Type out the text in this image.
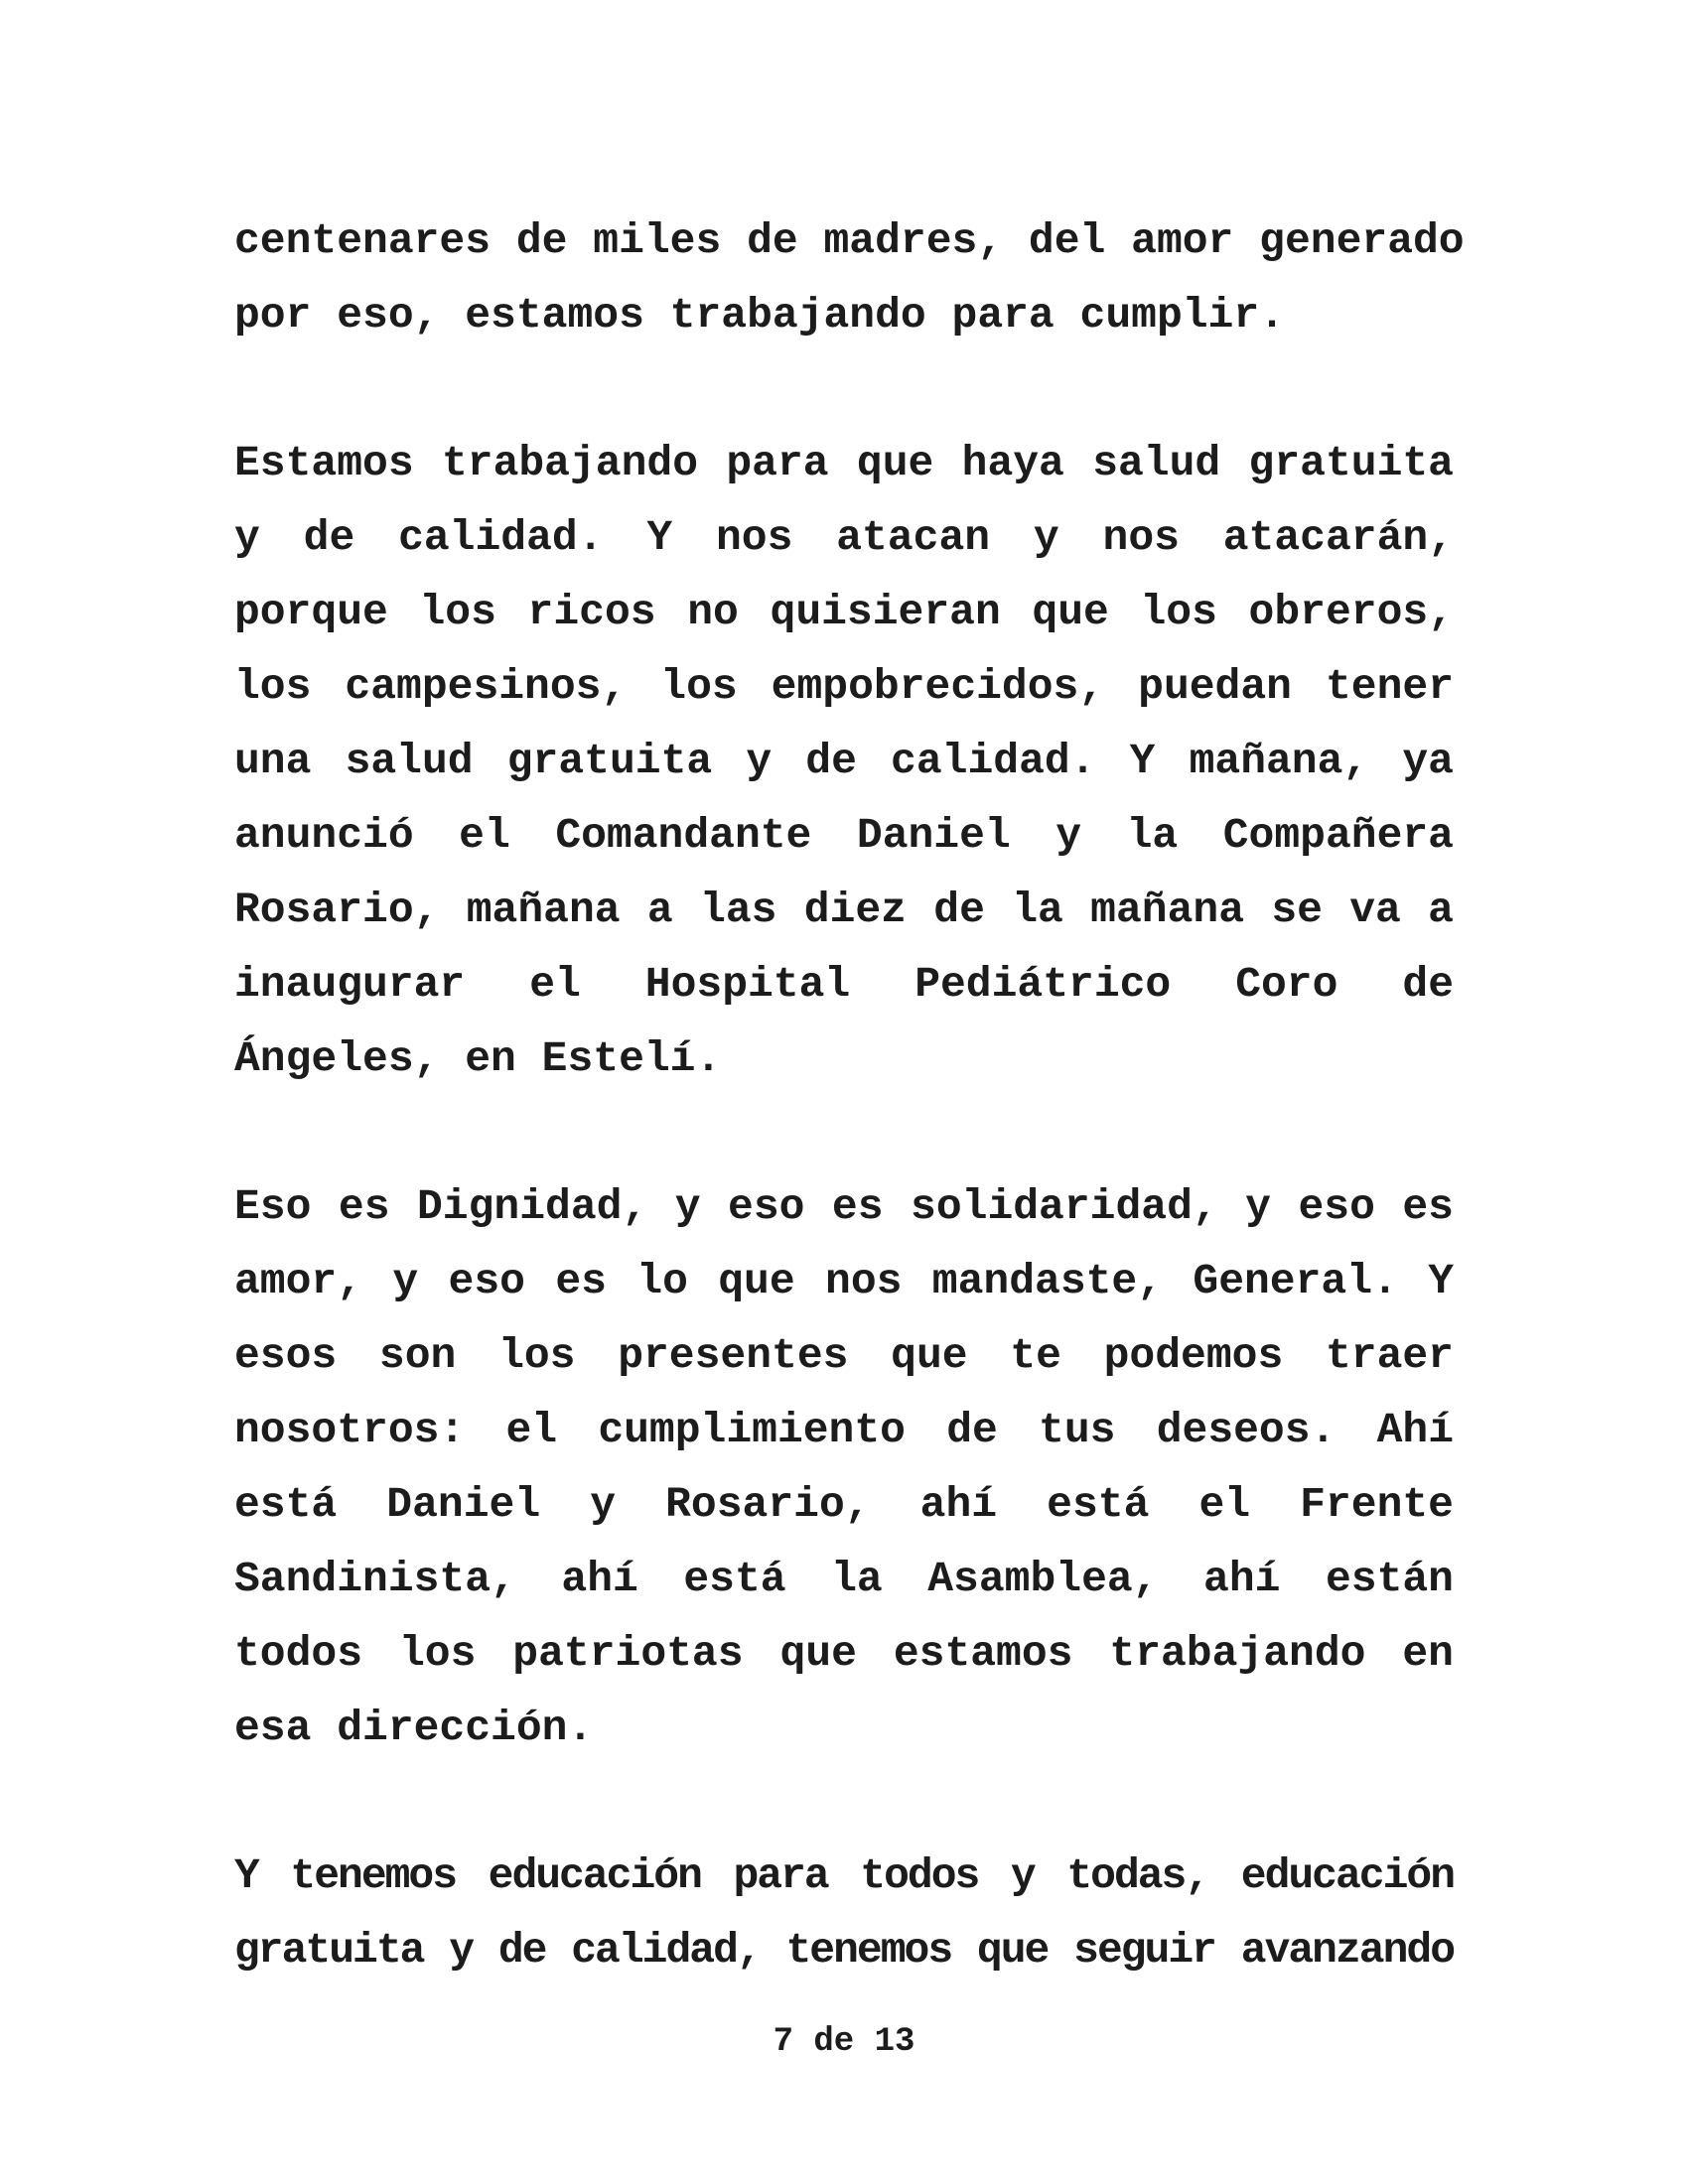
centenares de miles de madres, del amor generado
por eso, estamos trabajando para cumplir.
Estamos trabajando para que haya salud gratuita
y de calidad. Y nos atacan y nos atacarán,
porque los ricos no quisieran que los obreros,
los campesinos, los empobrecidos, puedan tener
una salud gratuita y de calidad. Y mañana, ya
anunció el Comandante Daniel y la Compañera
Rosario, mañana a las diez de la mañana se va a
inaugurar el Hospital Pediátrico Coro de
Ángeles, en Estelí.
Eso es Dignidad, y eso es solidaridad, y eso es
amor, y eso es lo que nos mandaste, General. Y
esos son los presentes que te podemos traer
nosotros: el cumplimiento de tus deseos. Ahí
está Daniel y Rosario, ahí está el Frente
Sandinista, ahí está la Asamblea, ahí están
todos los patriotas que estamos trabajando en
esa dirección.
Y tenemos educación para todos y todas, educación
gratuita y de calidad, tenemos que seguir avanzando
7 de 13
